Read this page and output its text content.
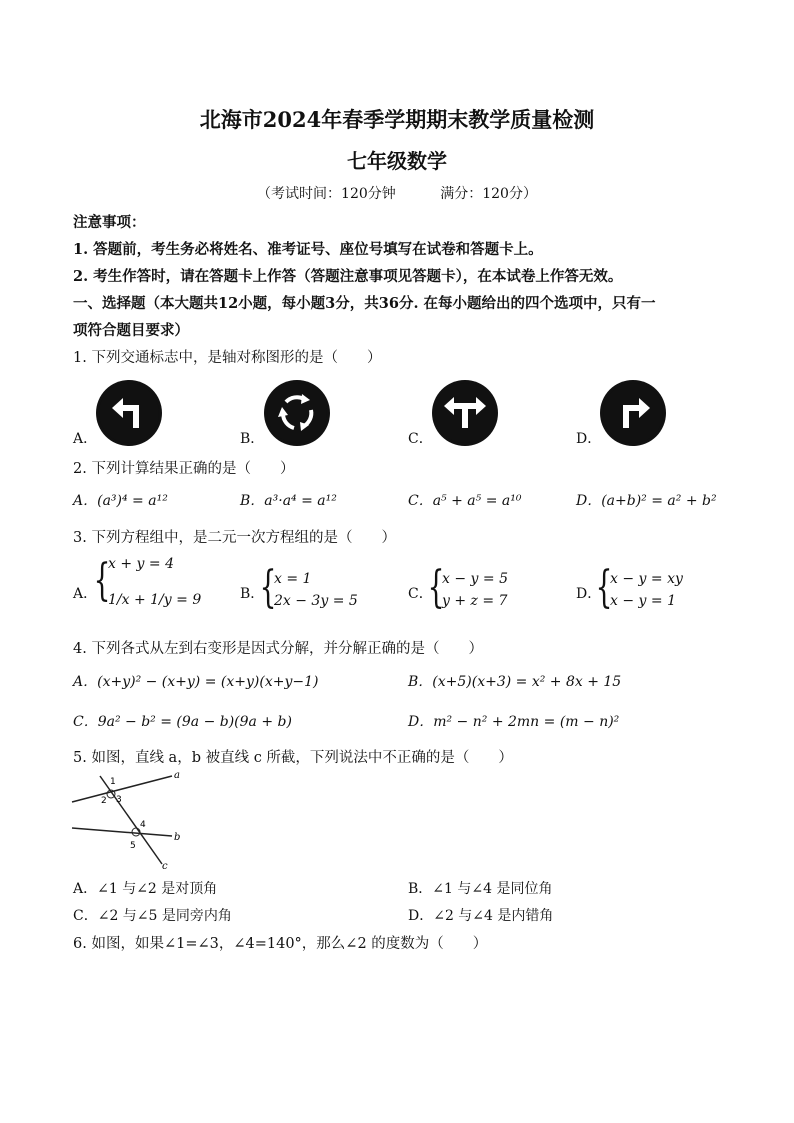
北海市2024年春季学期期末教学质量检测
七年级数学
（考试时间：120分钟	满分：120分）
注意事项：
1. 答题前，考生务必将姓名、准考证号、座位号填写在试卷和答题卡上。
2. 考生作答时，请在答题卡上作答（答题注意事项见答题卡），在本试卷上作答无效。
一、选择题（本大题共12小题，每小题3分，共36分. 在每小题给出的四个选项中，只有一
项符合题目要求）
1. 下列交通标志中，是轴对称图形的是（　　）
A．	B．	C．	D．
2. 下列计算结果正确的是（　　）
A．(a³)⁴ = a¹²	B．a³·a⁴ = a¹²	C．a⁵ + a⁵ = a¹⁰	D．(a+b)² = a² + b²
3. 下列方程组中，是二元一次方程组的是（　　）
A．
{
x + y = 4
1/x + 1/y = 9	B．
{
x = 1
2x − 3y = 5	C．
{
x − y = 5
y + z = 7	D．
{
x − y = xy
x − y = 1
4. 下列各式从左到右变形是因式分解，并分解正确的是（　　）
A．(x+y)² − (x+y) = (x+y)(x+y−1)	B．(x+5)(x+3) = x² + 8x + 15
C．9a² − b² = (9a − b)(9a + b)	D．m² − n² + 2mn = (m − n)²
5. 如图，直线 a，b 被直线 c 所截，下列说法中不正确的是（　　）
1
2 3
4
5
a
b
c
A．∠1 与∠2 是对顶角	B．∠1 与∠4 是同位角
C．∠2 与∠5 是同旁内角	D．∠2 与∠4 是内错角
6. 如图，如果∠1=∠3，∠4=140°，那么∠2 的度数为（　　）
